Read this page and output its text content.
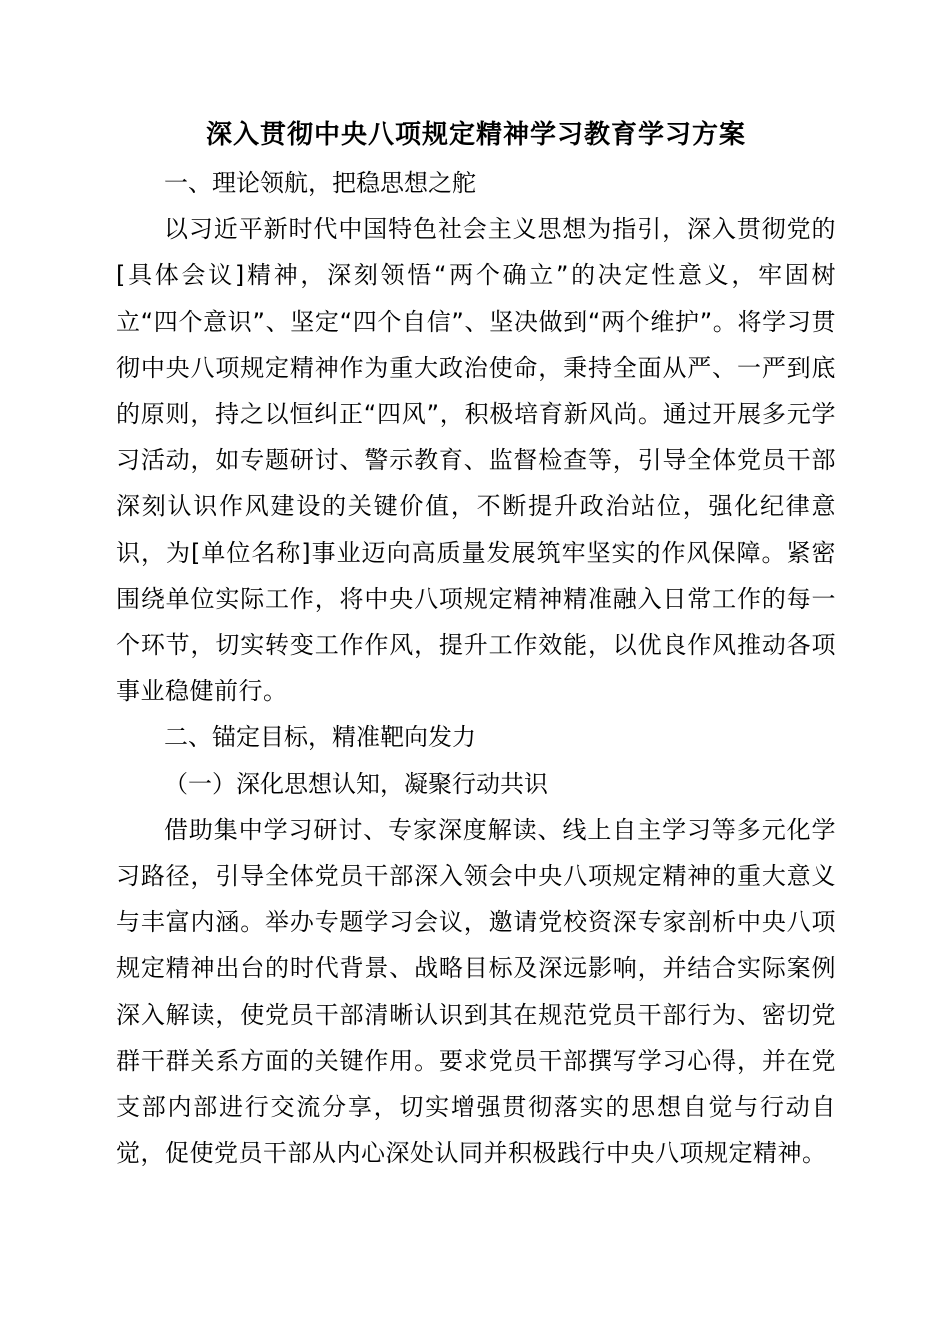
深入贯彻中央八项规定精神学习教育学习方案

一、理论领航，把稳思想之舵

以习近平新时代中国特色社会主义思想为指引，深入贯彻党的[具体会议]精神，深刻领悟“两个确立”的决定性意义，牢固树立“四个意识”、坚定“四个自信”、坚决做到“两个维护”。将学习贯彻中央八项规定精神作为重大政治使命，秉持全面从严、一严到底的原则，持之以恒纠正“四风”，积极培育新风尚。通过开展多元学习活动，如专题研讨、警示教育、监督检查等，引导全体党员干部深刻认识作风建设的关键价值，不断提升政治站位，强化纪律意识，为[单位名称]事业迈向高质量发展筑牢坚实的作风保障。紧密围绕单位实际工作，将中央八项规定精神精准融入日常工作的每一个环节，切实转变工作作风，提升工作效能，以优良作风推动各项事业稳健前行。

二、锚定目标，精准靶向发力

（一）深化思想认知，凝聚行动共识

借助集中学习研讨、专家深度解读、线上自主学习等多元化学习路径，引导全体党员干部深入领会中央八项规定精神的重大意义与丰富内涵。举办专题学习会议，邀请党校资深专家剖析中央八项规定精神出台的时代背景、战略目标及深远影响，并结合实际案例深入解读，使党员干部清晰认识到其在规范党员干部行为、密切党群干群关系方面的关键作用。要求党员干部撰写学习心得，并在党支部内部进行交流分享，切实增强贯彻落实的思想自觉与行动自觉，促使党员干部从内心深处认同并积极践行中央八项规定精神。
